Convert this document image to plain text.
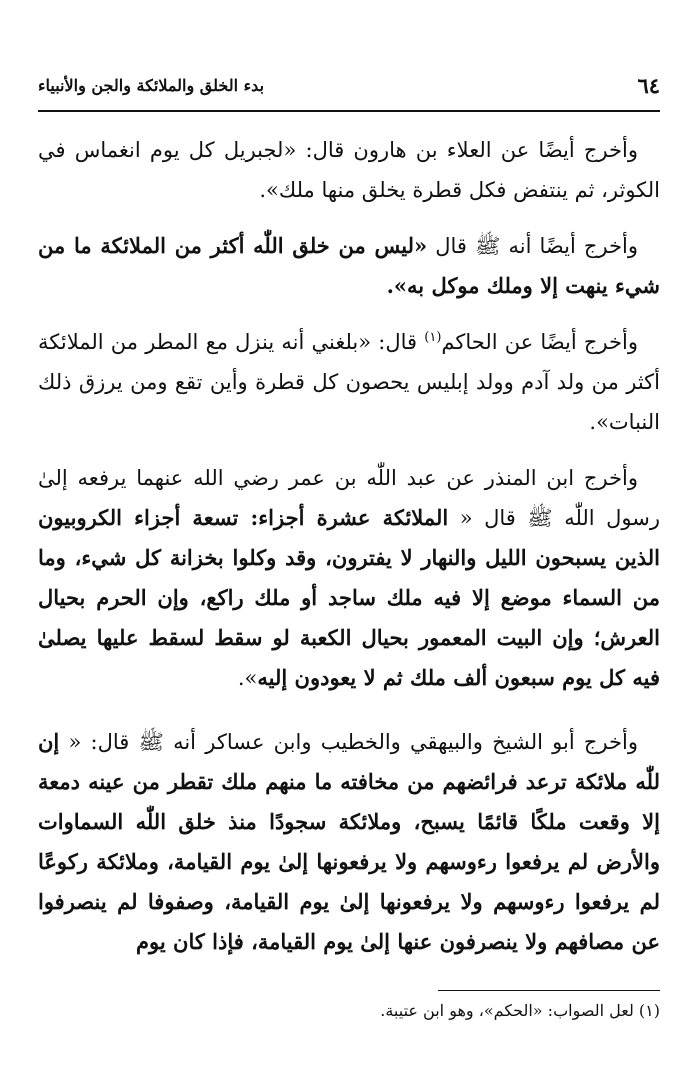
٦٤
بدء الخلق والملائكة والجن والأنبياء

وأخرج أيضًا عن العلاء بن هارون قال: «لجبريل كل يوم انغماس في الكوثر، ثم ينتفض فكل قطرة يخلق منها ملك».

وأخرج أيضًا أنه ﷺ قال «ليس من خلق اللّٰه أكثر من الملائكة ما من شيء ينهت إلا وملك موكل به».

وأخرج أيضًا عن الحاكم$^{(١)}$ قال: «بلغني أنه ينزل مع المطر من الملائكة أكثر من ولد آدم وولد إبليس يحصون كل قطرة وأين تقع ومن يرزق ذلك النبات».

وأخرج ابن المنذر عن عبد اللّٰه بن عمر رضي الله عنهما يرفعه إلىٰ رسول اللّٰه ﷺ قال « الملائكة عشرة أجزاء: تسعة أجزاء الكروبيون الذين يسبحون الليل والنهار لا يفترون، وقد وكلوا بخزانة كل شيء، وما من السماء موضع إلا فيه ملك ساجد أو ملك راكع، وإن الحرم بحيال العرش؛ وإن البيت المعمور بحيال الكعبة لو سقط لسقط عليها يصلىٰ فيه كل يوم سبعون ألف ملك ثم لا يعودون إليه».

وأخرج أبو الشيخ والبيهقي والخطيب وابن عساكر أنه ﷺ قال: « إن للّٰه ملائكة ترعد فرائضهم من مخافته ما منهم ملك تقطر من عينه دمعة إلا وقعت ملكًا قائمًا يسبح، وملائكة سجودًا منذ خلق اللّٰه السماوات والأرض لم يرفعوا رءوسهم ولا يرفعونها إلىٰ يوم القيامة، وملائكة ركوعًا لم يرفعوا رءوسهم ولا يرفعونها إلىٰ يوم القيامة، وصفوفا لم ينصرفوا عن مصافهم ولا ينصرفون عنها إلىٰ يوم القيامة، فإذا كان يوم

(١) لعل الصواب: «الحكم»، وهو ابن عتيبة.
